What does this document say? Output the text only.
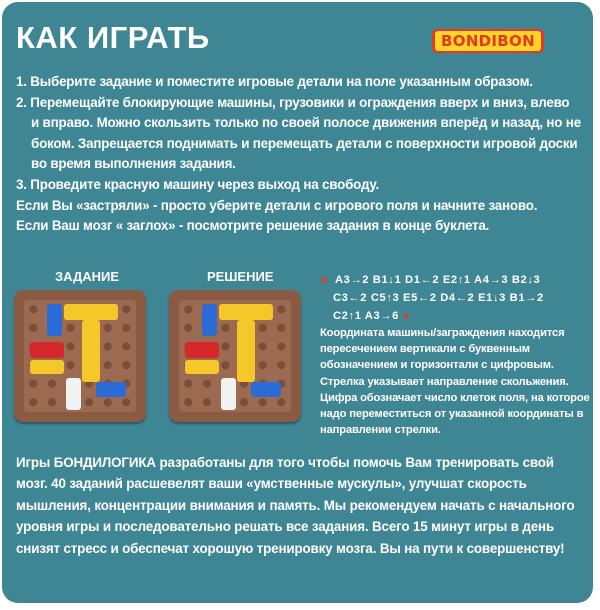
КАК ИГРАТЬ	BONDIBON
1. Выберите задание и поместите игровые детали на поле указанным образом.
2. Перемещайте блокирующие машины, грузовики и ограждения вверх и вниз, влево
и вправо. Можно скользить только по своей полосе движения вперёд и назад, но не
боком. Запрещается поднимать и перемещать детали с поверхности игровой доски
во время выполнения задания.
3. Проведите красную машину через выход на свободу.
Если Вы «застряли» - просто уберите детали с игрового поля и начните заново.
Если Ваш мозг « заглох» - посмотрите решение задания в конце буклета.
ЗАДАНИЕ	РЕШЕНИЕ	► A3→2 B1↓1 D1←2 E2↑1 A4→3 B2↓3
C3←2 C5↑3 E5←2 D4←2 E1↓3 B1→2
C2↑1 A3→6 ●
Координата машины/заграждения находится
пересечением вертикали с буквенным
обозначением и горизонтали с цифровым.
Стрелка указывает направление скольжения.
Цифра обозначает число клеток поля, на которое
надо переместиться от указанной координаты в
направлении стрелки.
Игры БОНДИЛОГИКА разработаны для того чтобы помочь Вам тренировать свой
мозг. 40 заданий расшевелят ваши «умственные мускулы», улучшат скорость
мышления, концентрации внимания и память. Мы рекомендуем начать с начального
уровня игры и последовательно решать все задания. Всего 15 минут игры в день
снизят стресс и обеспечат хорошую тренировку мозга. Вы на пути к совершенству!
